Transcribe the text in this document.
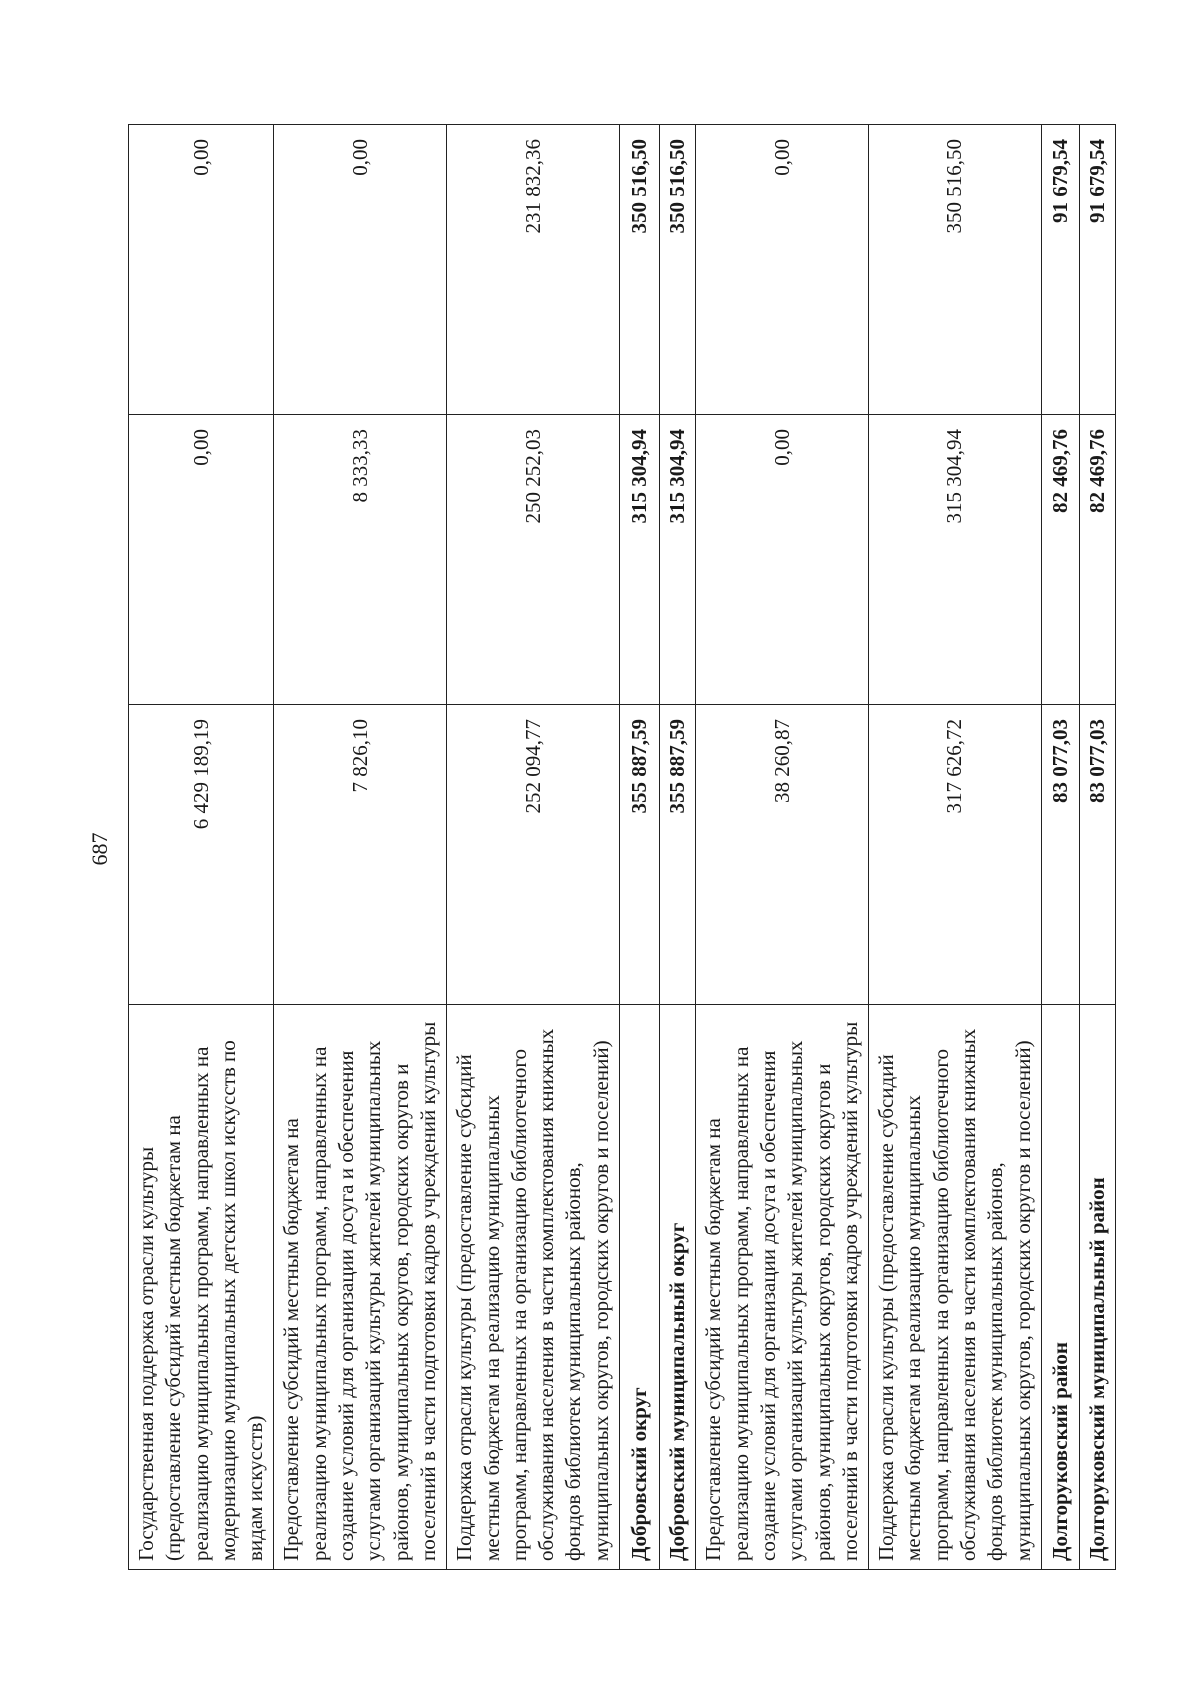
687
Государственная поддержка отрасли культуры (предоставление субсидий местным бюджетам на реализацию муниципальных программ, направленных на модернизацию муниципальных детских школ искусств по видам искусств)	6 429 189,19	0,00	0,00
Предоставление субсидий местным бюджетам на реализацию муниципальных программ, направленных на создание условий для организации досуга и обеспечения услугами организаций культуры жителей муниципальных районов, муниципальных округов, городских округов и поселений в части подготовки кадров учреждений культуры	7 826,10	8 333,33	0,00
Поддержка отрасли культуры (предоставление субсидий местным бюджетам на реализацию муниципальных программ, направленных на организацию библиотечного обслуживания населения в части комплектования книжных фондов библиотек муниципальных районов, муниципальных округов, городских округов и поселений)	252 094,77	250 252,03	231 832,36
Добровский округ	355 887,59	315 304,94	350 516,50
Добровский муниципальный округ	355 887,59	315 304,94	350 516,50
Предоставление субсидий местным бюджетам на реализацию муниципальных программ, направленных на создание условий для организации досуга и обеспечения услугами организаций культуры жителей муниципальных районов, муниципальных округов, городских округов и поселений в части подготовки кадров учреждений культуры	38 260,87	0,00	0,00
Поддержка отрасли культуры (предоставление субсидий местным бюджетам на реализацию муниципальных программ, направленных на организацию библиотечного обслуживания населения в части комплектования книжных фондов библиотек муниципальных районов, муниципальных округов, городских округов и поселений)	317 626,72	315 304,94	350 516,50
Долгоруковский район	83 077,03	82 469,76	91 679,54
Долгоруковский муниципальный район	83 077,03	82 469,76	91 679,54
